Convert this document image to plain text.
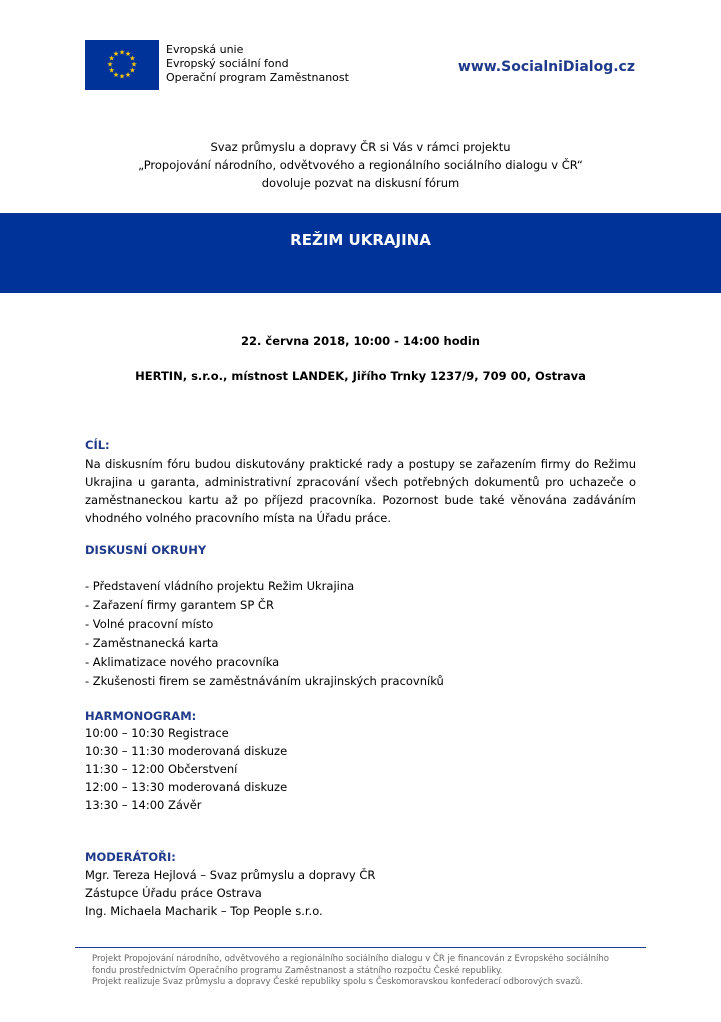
★ ★
★
★
★
★
★
★
★
★
★
★	Evropská unie
Evropský sociální fond
Operační program Zaměstnanost
www.SocialniDialog.cz
Svaz průmyslu a dopravy ČR si Vás v rámci projektu
„Propojování národního, odvětvového a regionálního sociálního dialogu v ČR“
dovoluje pozvat na diskusní fórum
REŽIM UKRAJINA
22. června 2018, 10:00 - 14:00 hodin
HERTIN, s.r.o., místnost LANDEK, Jiřího Trnky 1237/9, 709 00, Ostrava
CÍL:
Na diskusním fóru budou diskutovány praktické rady a postupy se zařazením firmy do Režimu Ukrajina u garanta, administrativní zpracování všech potřebných dokumentů pro uchazeče o zaměstnaneckou kartu až po příjezd pracovníka. Pozornost bude také věnována zadáváním vhodného volného pracovního místa na Úřadu práce.
DISKUSNÍ OKRUHY
- Představení vládního projektu Režim Ukrajina
- Zařazení firmy garantem SP ČR
- Volné pracovní místo
- Zaměstnanecká karta
- Aklimatizace nového pracovníka
- Zkušenosti firem se zaměstnáváním ukrajinských pracovníků
HARMONOGRAM:
10:00 – 10:30 Registrace
10:30 – 11:30 moderovaná diskuze
11:30 – 12:00 Občerstvení
12:00 – 13:30 moderovaná diskuze
13:30 – 14:00 Závěr
MODERÁTOŘI:
Mgr. Tereza Hejlová – Svaz průmyslu a dopravy ČR
Zástupce Úřadu práce Ostrava
Ing. Michaela Macharik – Top People s.r.o.
Projekt Propojování národního, odvětvového a regionálního sociálního dialogu v ČR je financován z Evropského sociálního
fondu prostřednictvím Operačního programu Zaměstnanost a státního rozpočtu České republiky.
Projekt realizuje Svaz průmyslu a dopravy České republiky spolu s Českomoravskou konfederací odborových svazů.
